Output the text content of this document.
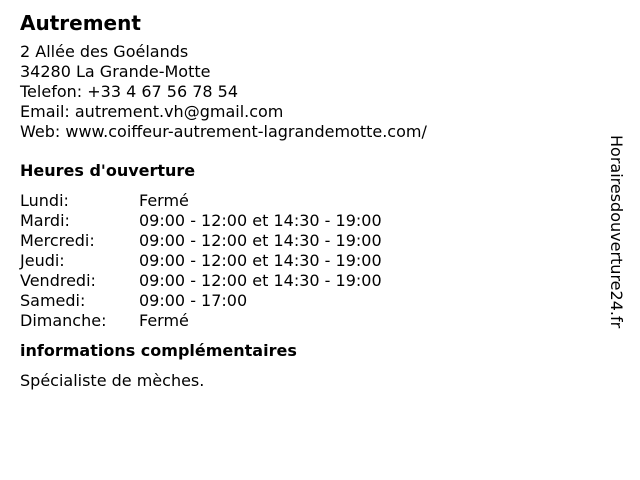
Autrement
2 Allée des Goélands
34280 La Grande-Motte
Telefon: +33 4 67 56 78 54
Email: autrement.vh@gmail.com
Web: www.coiffeur-autrement-lagrandemotte.com/
Heures d'ouverture
Lundi:	Fermé
Mardi:	09:00 - 12:00 et 14:30 - 19:00
Mercredi:	09:00 - 12:00 et 14:30 - 19:00
Jeudi:	09:00 - 12:00 et 14:30 - 19:00
Vendredi:	09:00 - 12:00 et 14:30 - 19:00
Samedi:	09:00 - 17:00
Dimanche:	Fermé
informations complémentaires
Spécialiste de mèches.
Horairesdouverture24.fr
